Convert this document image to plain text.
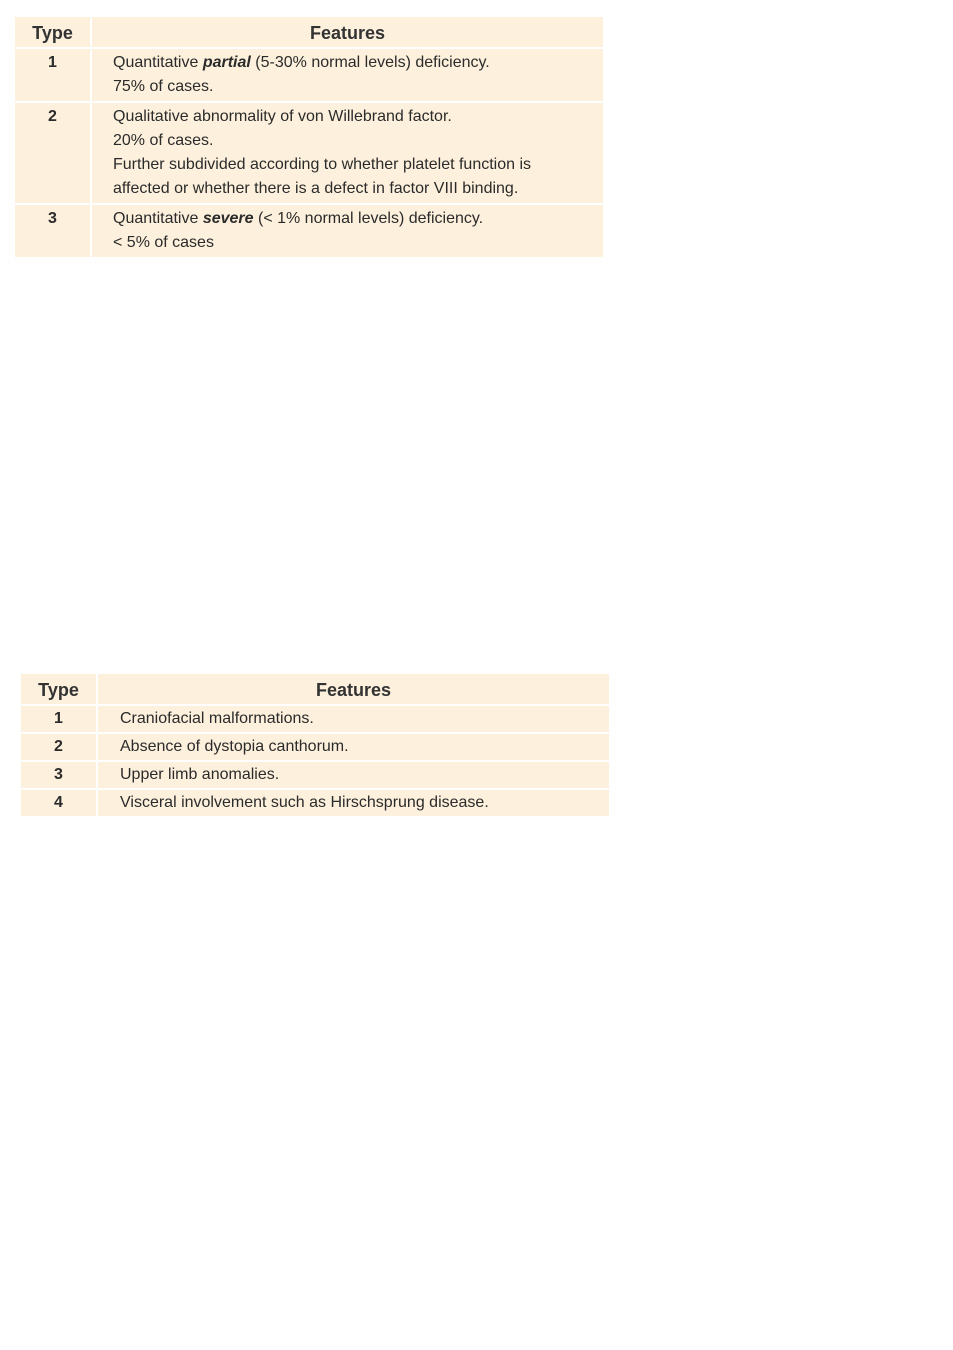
Type	Features
1	Quantitative partial (5-30% normal levels) deficiency.
75% of cases.

2	Qualitative abnormality of von Willebrand factor.
20% of cases.
Further subdivided according to whether platelet function is
affected or whether there is a defect in factor VIII binding.

3	Quantitative severe (< 1% normal levels) deficiency.
< 5% of cases
Type	Features
1	Craniofacial malformations.
2	Absence of dystopia canthorum.
3	Upper limb anomalies.
4	Visceral involvement such as Hirschsprung disease.
